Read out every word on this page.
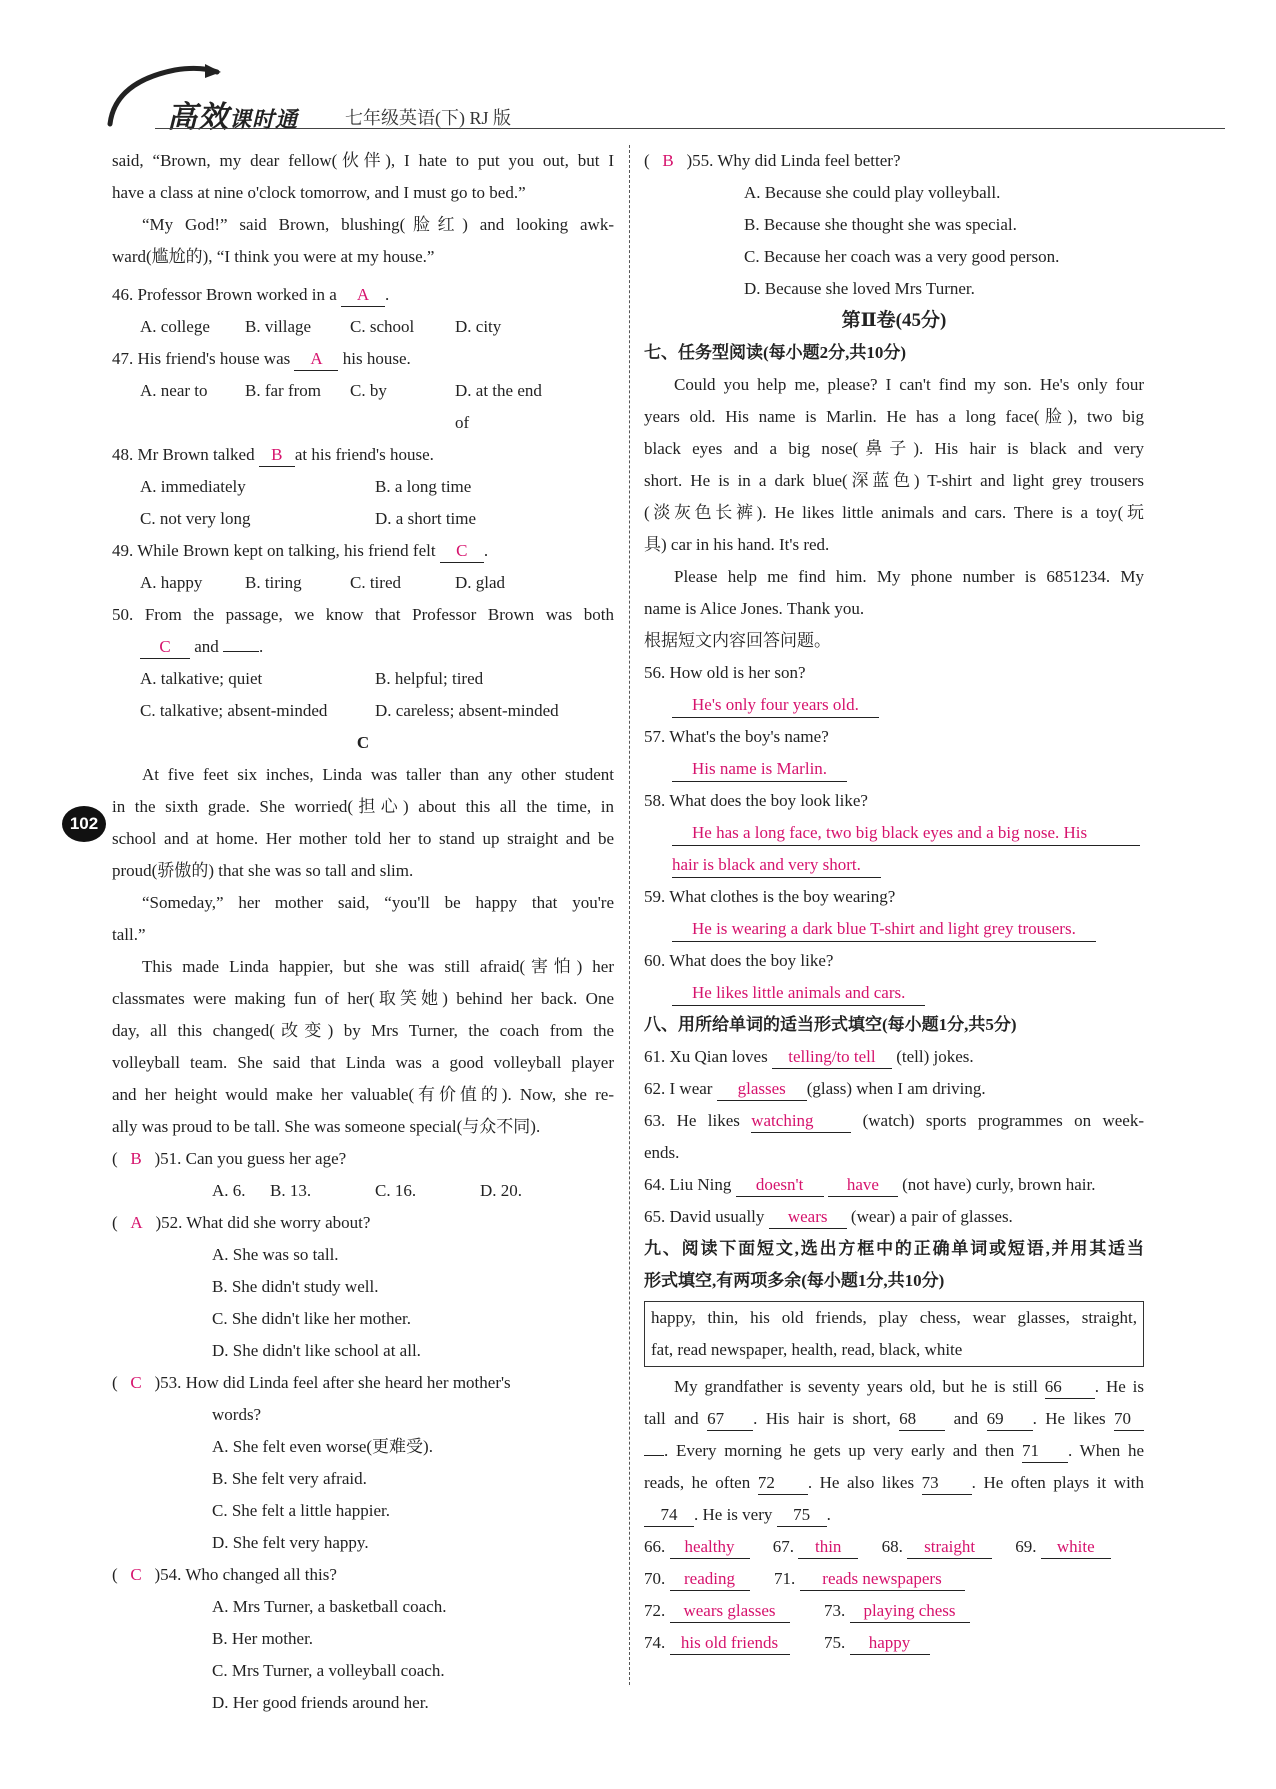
高效课时通	七年级英语(下) RJ 版
102
said, “Brown, my dear fellow(伙伴), I hate to put you out, but I
have a class at nine o'clock tomorrow, and I must go to bed.”
“My God!” said Brown, blushing(脸红) and looking awk-
ward(尴尬的), “I think you were at my house.”
46. Professor Brown worked in a A .
A. college	B. village	C. school	D. city
47. His friend's house was A his house.
A. near to	B. far from	C. by	D. at the end of
48. Mr Brown talked B at his friend's house.
A. immediately	B. a long time
C. not very long	D. a short time
49. While Brown kept on talking, his friend felt C .
A. happy	B. tiring	C. tired	D. glad
50. From the passage, we know that Professor Brown was both
C and .
A. talkative; quiet	B. helpful; tired
C. talkative; absent-minded	D. careless; absent-minded
C
At five feet six inches, Linda was taller than any other student
in the sixth grade. She worried(担心) about this all the time, in
school and at home. Her mother told her to stand up straight and be
proud(骄傲的) that she was so tall and slim.
“Someday,” her mother said, “you'll be happy that you're
tall.”
This made Linda happier, but she was still afraid(害怕) her
classmates were making fun of her(取笑她) behind her back. One
day, all this changed(改变) by Mrs Turner, the coach from the
volleyball team. She said that Linda was a good volleyball player
and her height would make her valuable(有价值的). Now, she re-
ally was proud to be tall. She was someone special(与众不同).
(   B )51. Can you guess her age?
A. 6.	B. 13.	C. 16.	D. 20.
(   A )52. What did she worry about?
A. She was so tall.
B. She didn't study well.
C. She didn't like her mother.
D. She didn't like school at all.
(   C )53. How did Linda feel after she heard her mother's
words?
A. She felt even worse(更难受).
B. She felt very afraid.
C. She felt a little happier.
D. She felt very happy.
(   C )54. Who changed all this?
A. Mrs Turner, a basketball coach.
B. Her mother.
C. Mrs Turner, a volleyball coach.
D. Her good friends around her.
(   B )55. Why did Linda feel better?
A. Because she could play volleyball.
B. Because she thought she was special.
C. Because her coach was a very good person.
D. Because she loved Mrs Turner.
第Ⅱ卷(45分)
七、任务型阅读(每小题2分,共10分)
Could you help me, please? I can't find my son. He's only four
years old. His name is Marlin. He has a long face(脸), two big
black eyes and a big nose(鼻子). His hair is black and very
short. He is in a dark blue(深蓝色) T-shirt and light grey trousers
(淡灰色长裤). He likes little animals and cars. There is a toy(玩
具) car in his hand. It's red.
Please help me find him. My phone number is 6851234. My
name is Alice Jones. Thank you.
根据短文内容回答问题。
56. How old is her son?
He's only four years old.
57. What's the boy's name?
His name is Marlin.
58. What does the boy look like?
He has a long face, two big black eyes and a big nose. His
hair is black and very short.
59. What clothes is the boy wearing?
He is wearing a dark blue T-shirt and light grey trousers.
60. What does the boy like?
He likes little animals and cars.
八、用所给单词的适当形式填空(每小题1分,共5分)
61. Xu Qian loves telling/to tell (tell) jokes.
62. I wear glasses (glass) when I am driving.
63. He likes watching	(watch) sports programmes on week-
ends.
64. Liu Ning doesn't	have (not have) curly, brown hair.
65. David usually wears (wear) a pair of glasses.
九、阅读下面短文,选出方框中的正确单词或短语,并用其适当
形式填空,有两项多余(每小题1分,共10分)
happy, thin, his old friends, play chess, wear glasses, straight,
fat, read newspaper, health, read, black, white
My grandfather is seventy years old, but he is still 66 . He is
tall and 67 . His hair is short, 68 and 69 . He likes 70
. Every morning he gets up very early and then 71 . When he
reads, he often 72 . He also likes 73 . He often plays it with
74 . He is very 75 .
66. healthy	67. thin	68. straight	69. white
70. reading	71. reads newspapers
72. wears glasses	73. playing chess
74. his old friends	75. happy
